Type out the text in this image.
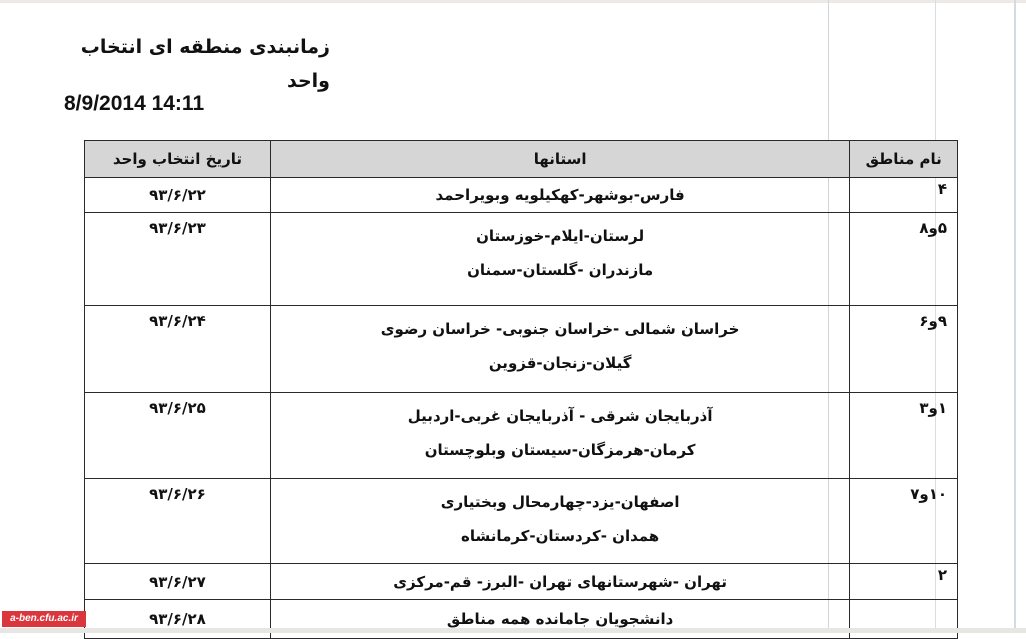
زمانبندی منطقه ای انتخاب واحد
8/9/2014 14:11
نام مناطق	استانها	تاریخ انتخاب واحد
۴	فارس-بوشهر-کهکیلویه وبویراحمد	۹۳/۶/۲۲
۵و۸	لرستان-ایلام-خوزستان
مازندران -گلستان-سمنان	۹۳/۶/۲۳
۹و۶	خراسان شمالی -خراسان جنوبی- خراسان رضوی
گیلان-زنجان-قزوین	۹۳/۶/۲۴
۱و۳	آذربایجان شرقی - آذربایجان غربی-اردبیل
کرمان-هرمزگان-سیستان وبلوچستان	۹۳/۶/۲۵
۱۰و۷	اصفهان-یزد-چهارمحال وبختیاری
همدان -کردستان-کرمانشاه	۹۳/۶/۲۶
۲	تهران -شهرستانهای تهران -البرز- قم-مرکزی	۹۳/۶/۲۷

	دانشجویان جامانده همه مناطق	۹۳/۶/۲۸
a-ben.cfu.ac.ir
